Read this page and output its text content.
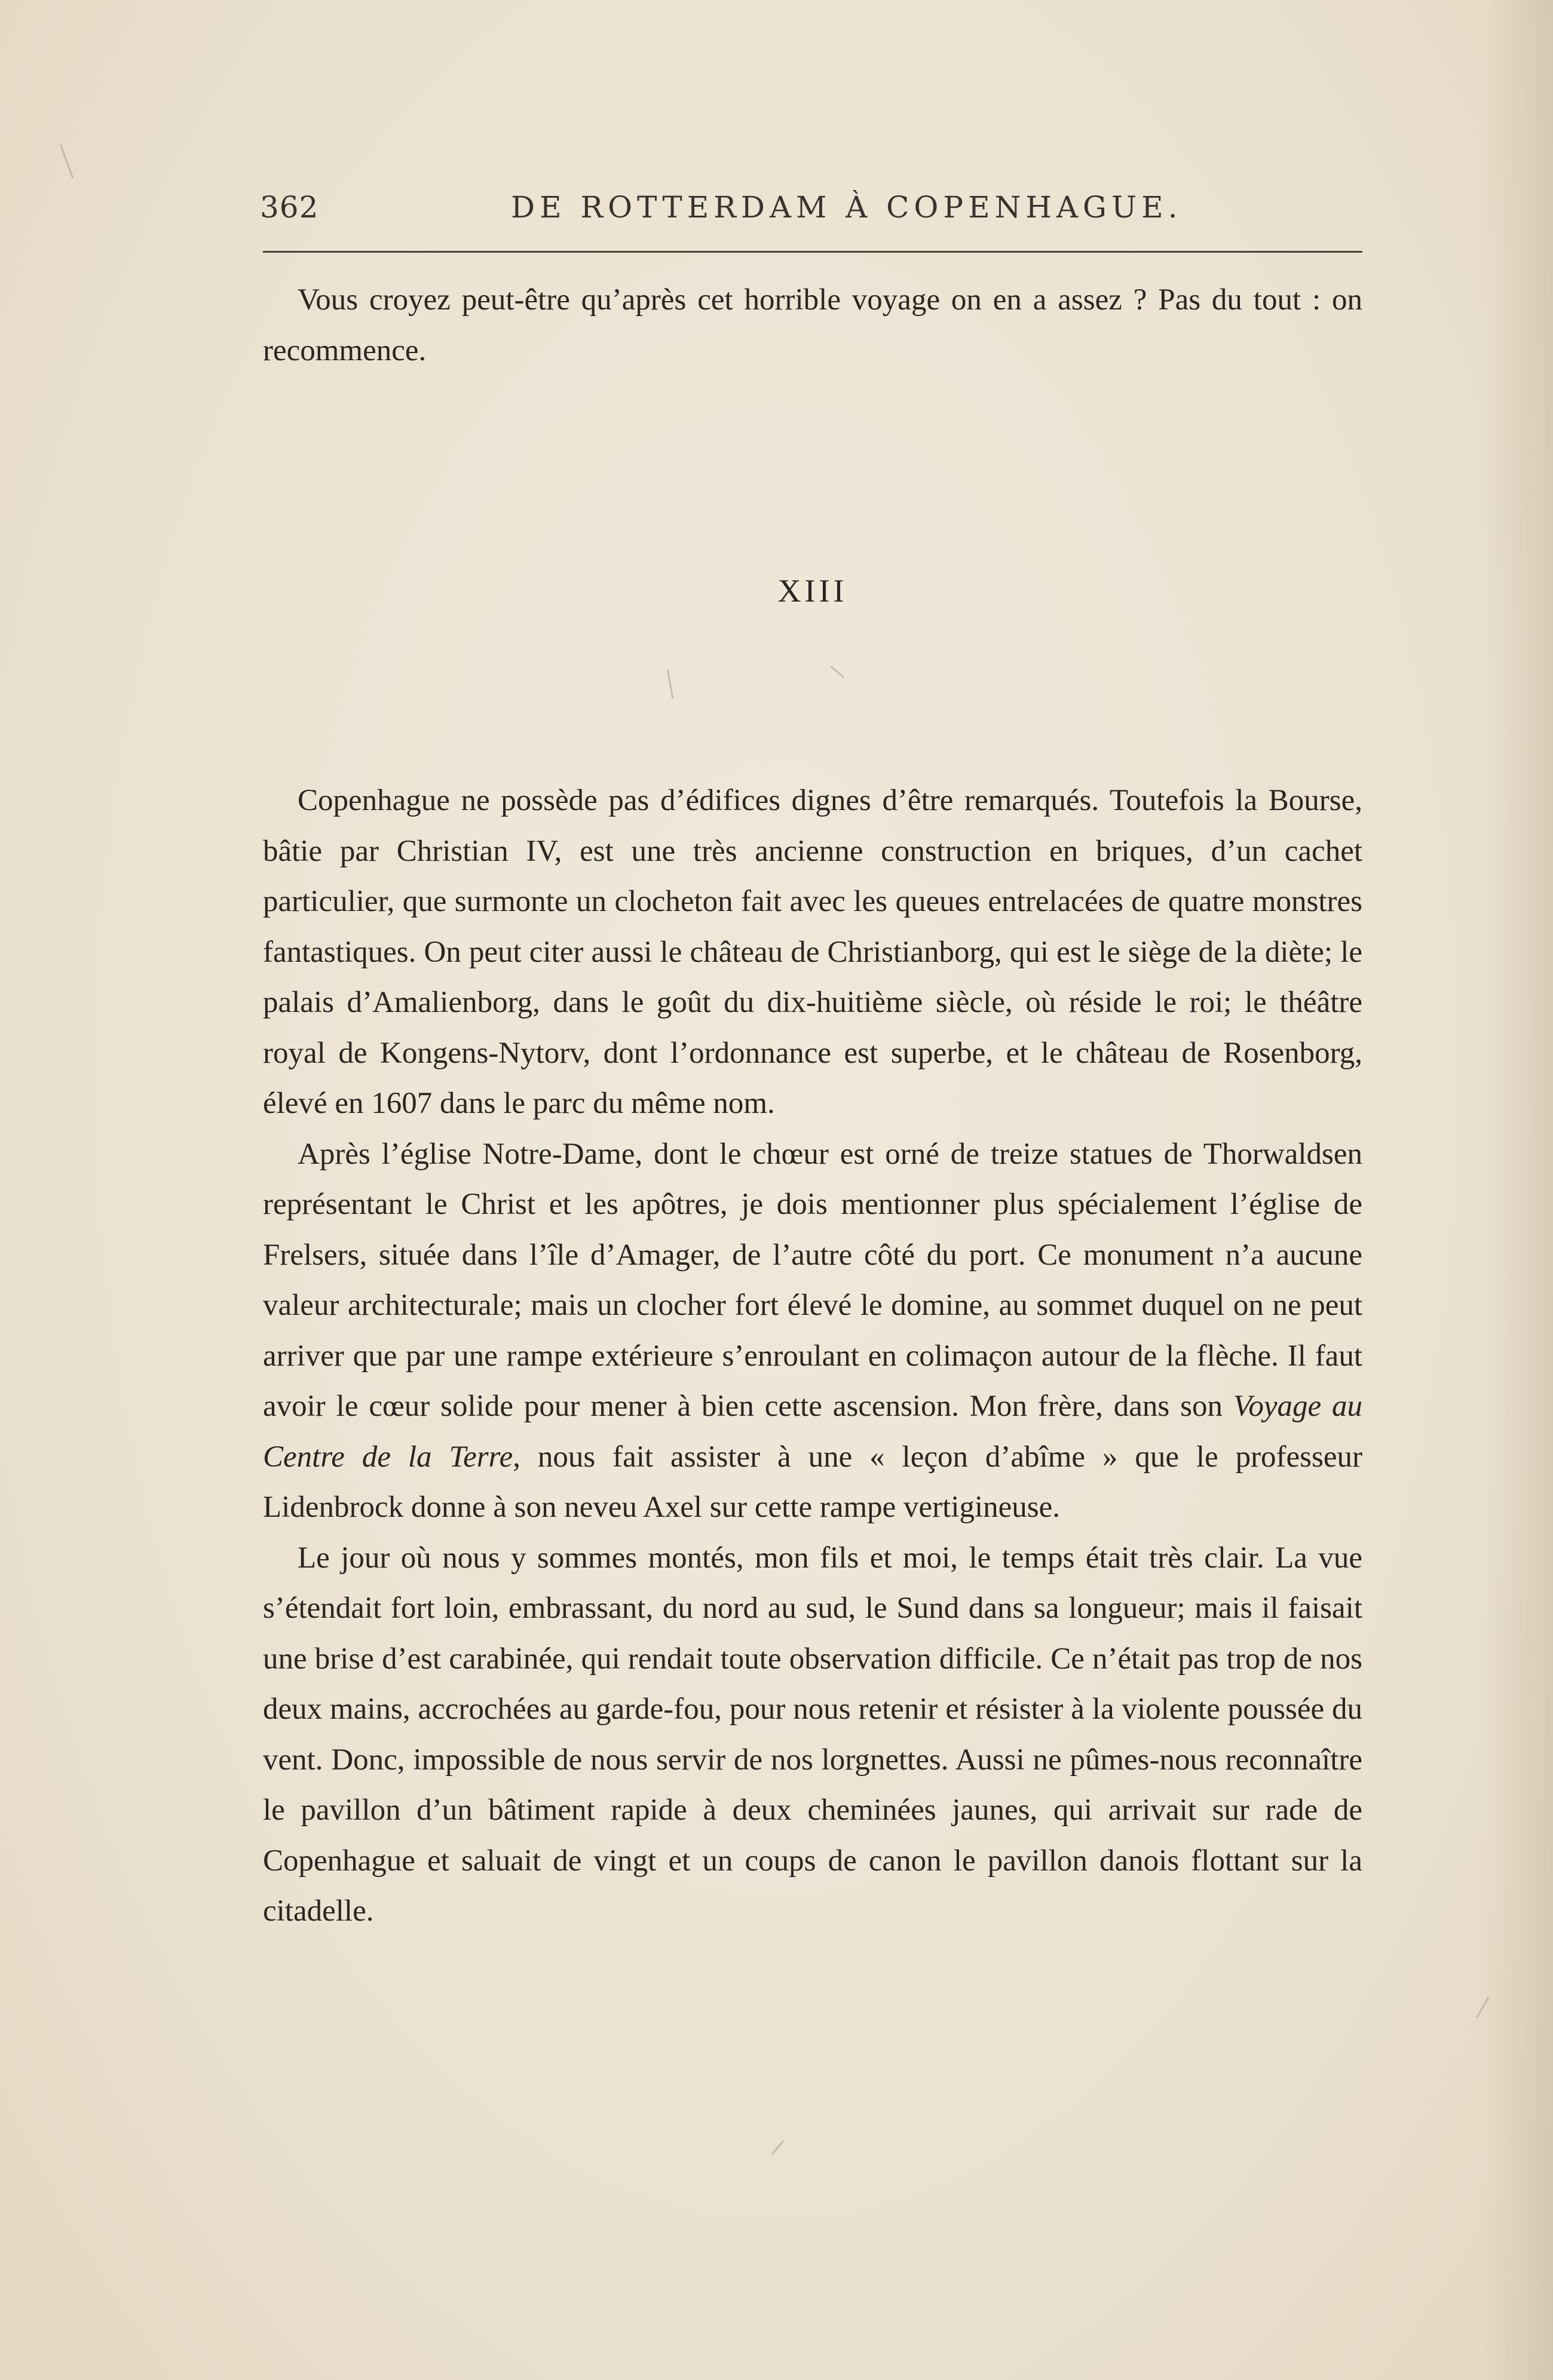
362	DE ROTTERDAM À COPENHAGUE.

Vous croyez peut-être qu’après cet horrible voyage on en a assez ? Pas du tout : on recommence.

XIII

Copenhague ne possède pas d’édifices dignes d’être remarqués. Toutefois la Bourse, bâtie par Christian IV, est une très ancienne construction en briques, d’un cachet particulier, que surmonte un clocheton fait avec les queues entrelacées de quatre monstres fantastiques. On peut citer aussi le château de Christianborg, qui est le siège de la diète; le palais d’Amalienborg, dans le goût du dix-huitième siècle, où réside le roi; le théâtre royal de Kongens-Nytorv, dont l’ordonnance est superbe, et le château de Rosenborg, élevé en 1607 dans le parc du même nom.

Après l’église Notre-Dame, dont le chœur est orné de treize statues de Thorwaldsen représentant le Christ et les apôtres, je dois mentionner plus spécialement l’église de Frelsers, située dans l’île d’Amager, de l’autre côté du port. Ce monument n’a aucune valeur architecturale; mais un clocher fort élevé le domine, au sommet duquel on ne peut arriver que par une rampe extérieure s’enroulant en colimaçon autour de la flèche. Il faut avoir le cœur solide pour mener à bien cette ascension. Mon frère, dans son Voyage au Centre de la Terre, nous fait assister à une « leçon d’abîme » que le professeur Lidenbrock donne à son neveu Axel sur cette rampe vertigineuse.

Le jour où nous y sommes montés, mon fils et moi, le temps était très clair. La vue s’étendait fort loin, embrassant, du nord au sud, le Sund dans sa longueur; mais il faisait une brise d’est carabinée, qui rendait toute observation difficile. Ce n’était pas trop de nos deux mains, accrochées au garde-fou, pour nous retenir et résister à la violente poussée du vent. Donc, impossible de nous servir de nos lorgnettes. Aussi ne pûmes-nous reconnaître le pavillon d’un bâtiment rapide à deux cheminées jaunes, qui arrivait sur rade de Copenhague et saluait de vingt et un coups de canon le pavillon danois flottant sur la citadelle.
